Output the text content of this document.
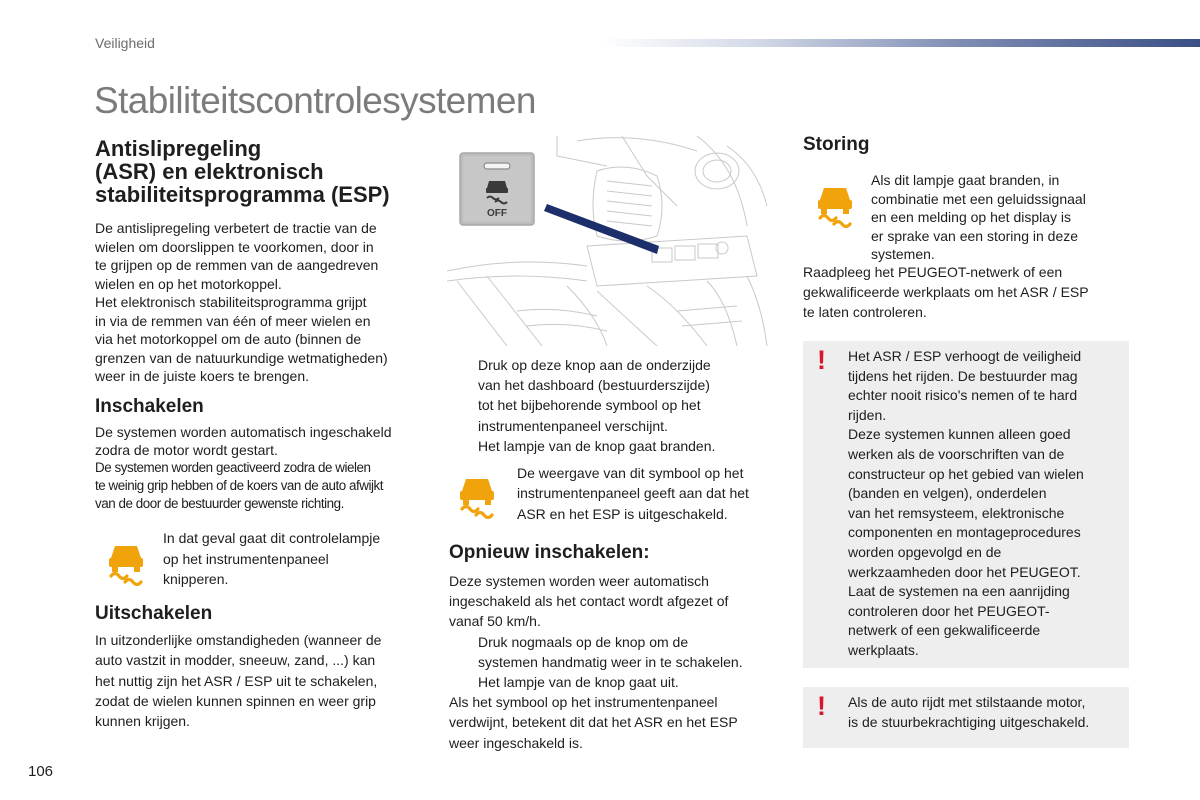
Veiligheid
Stabiliteitscontrolesystemen
Antislipregeling
(ASR) en elektronisch
stabiliteitsprogramma (ESP)

De antislipregeling verbetert de tractie van de

wielen om doorslippen te voorkomen, door in

te grijpen op de remmen van de aangedreven

wielen en op het motorkoppel.

Het elektronisch stabiliteitsprogramma grijpt

in via de remmen van één of meer wielen en

via het motorkoppel om de auto (binnen de

grenzen van de natuurkundige wetmatigheden)

weer in de juiste koers te brengen.

Inschakelen

De systemen worden automatisch ingeschakeld

zodra de motor wordt gestart.

De systemen worden geactiveerd zodra de wielen

te weinig grip hebben of de koers van de auto afwijkt

van de door de bestuurder gewenste richting.

In dat geval gaat dit controlelampje

op het instrumentenpaneel

knipperen.

Uitschakelen

In uitzonderlijke omstandigheden (wanneer de

auto vastzit in modder, sneeuw, zand, ...) kan

het nuttig zijn het ASR / ESP uit te schakelen,

zodat de wielen kunnen spinnen en weer grip

kunnen krijgen.

OFF

Druk op deze knop aan de onderzijde

van het dashboard (bestuurderszijde)

tot het bijbehorende symbool op het

instrumentenpaneel verschijnt.

Het lampje van de knop gaat branden.

De weergave van dit symbool op het

instrumentenpaneel geeft aan dat het

ASR en het ESP is uitgeschakeld.

Opnieuw inschakelen:

Deze systemen worden weer automatisch

ingeschakeld als het contact wordt afgezet of

vanaf 50 km/h.

Druk nogmaals op de knop om de

systemen handmatig weer in te schakelen.

Het lampje van de knop gaat uit.

Als het symbool op het instrumentenpaneel

verdwijnt, betekent dit dat het ASR en het ESP

weer ingeschakeld is.

Storing

Als dit lampje gaat branden, in

combinatie met een geluidssignaal

en een melding op het display is

er sprake van een storing in deze

systemen.

Raadpleeg het PEUGEOT-netwerk of een

gekwalificeerde werkplaats om het ASR / ESP

te laten controleren.

! Het ASR / ESP verhoogt de veiligheid

tijdens het rijden. De bestuurder mag

echter nooit risico's nemen of te hard

rijden.

Deze systemen kunnen alleen goed

werken als de voorschriften van de

constructeur op het gebied van wielen

(banden en velgen), onderdelen

van het remsysteem, elektronische

componenten en montageprocedures

worden opgevolgd en de

werkzaamheden door het PEUGEOT.

Laat de systemen na een aanrijding

controleren door het PEUGEOT-

netwerk of een gekwalificeerde

werkplaats.

! Als de auto rijdt met stilstaande motor,

is de stuurbekrachtiging uitgeschakeld.

106
